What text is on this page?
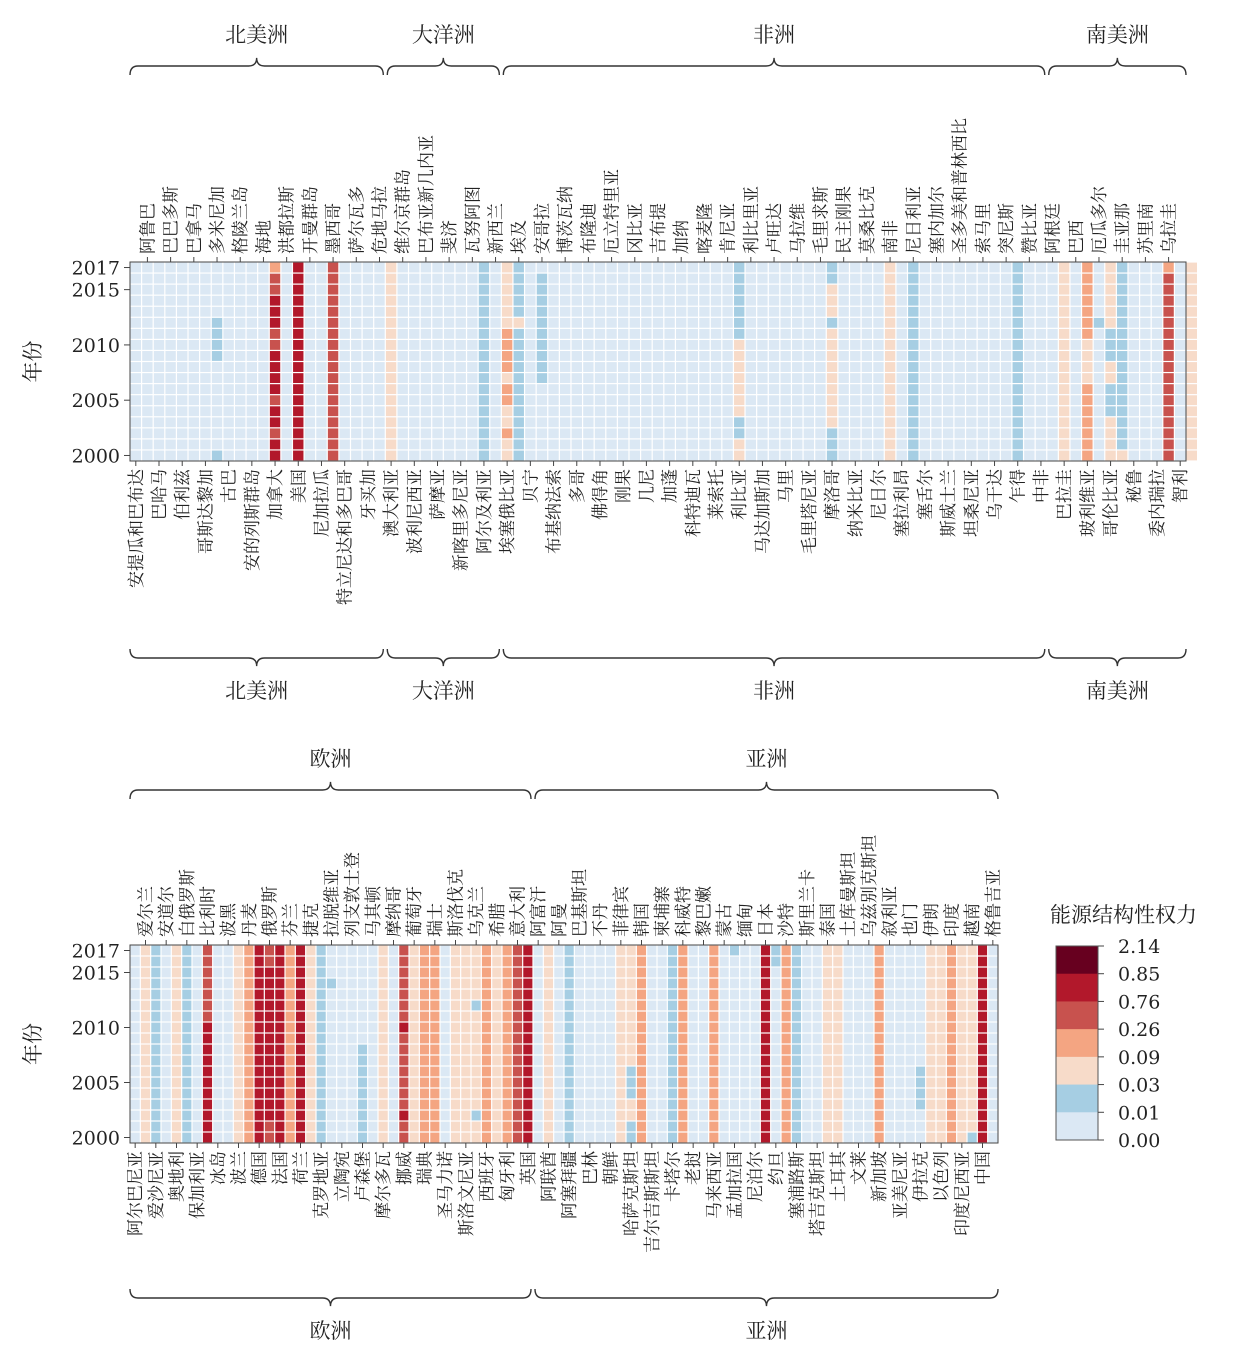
2017
2015
2010
2005
2000
年份
安提瓜和巴布达
阿鲁巴
巴哈马
巴巴多斯
伯利兹
巴拿马
哥斯达黎加
多米尼加
古巴
格陵兰岛
安的列斯群岛
海地
加拿大
洪都拉斯
美国
开曼群岛
尼加拉瓜
墨西哥
特立尼达和多巴哥
萨尔瓦多
牙买加
危地马拉
澳大利亚
维尔京群岛
波利尼西亚
巴布亚新几内亚
萨摩亚
斐济
新喀里多尼亚
瓦努阿图
阿尔及利亚
新西兰
埃塞俄比亚
埃及
贝宁
安哥拉
布基纳法索
博茨瓦纳
多哥
布隆迪
佛得角
厄立特里亚
刚果
冈比亚
几尼
吉布提
加蓬
加纳
科特迪瓦
喀麦隆
莱索托
肯尼亚
利比亚
利比里亚
马达加斯加
卢旺达
马里
马拉维
毛里塔尼亚
毛里求斯
摩洛哥
民主刚果
纳米比亚
莫桑比克
尼日尔
南非
塞拉利昂
尼日利亚
塞舌尔
塞内加尔
斯威士兰
圣多美和普林西比
坦桑尼亚
索马里
乌干达
突尼斯
乍得
赞比亚
中非
阿根廷
巴拉圭
巴西
玻利维亚
厄瓜多尔
哥伦比亚
圭亚那
秘鲁
苏里南
委内瑞拉
乌拉圭
智利
北美洲
北美洲
大洋洲
大洋洲
非洲
非洲
南美洲
南美洲
2017
2015
2010
2005
2000
年份
阿尔巴尼亚
爱尔兰
爱沙尼亚
安道尔
奥地利
白俄罗斯
保加利亚
比利时
冰岛
波黑
波兰
丹麦
德国
俄罗斯
法国
芬兰
荷兰
捷克
克罗地亚
拉脱维亚
立陶宛
列支敦士登
卢森堡
马其顿
摩尔多瓦
摩纳哥
挪威
葡萄牙
瑞典
瑞士
圣马力诺
斯洛伐克
斯洛文尼亚
乌克兰
西班牙
希腊
匈牙利
意大利
英国
阿富汗
阿联酋
阿曼
阿塞拜疆
巴基斯坦
巴林
不丹
朝鲜
菲律宾
哈萨克斯坦
韩国
吉尔吉斯斯坦
柬埔寨
卡塔尔
科威特
老挝
黎巴嫩
马来西亚
蒙古
孟加拉国
缅甸
尼泊尔
日本
约旦
沙特
塞浦路斯
斯里兰卡
塔吉克斯坦
泰国
土耳其
土库曼斯坦
文莱
乌兹别克斯坦
新加坡
叙利亚
亚美尼亚
也门
伊拉克
伊朗
以色列
印度
印度尼西亚
越南
中国
格鲁吉亚
欧洲
欧洲
亚洲
亚洲
能源结构性权力
2.14
0.85
0.76
0.26
0.09
0.03
0.01
0.00
